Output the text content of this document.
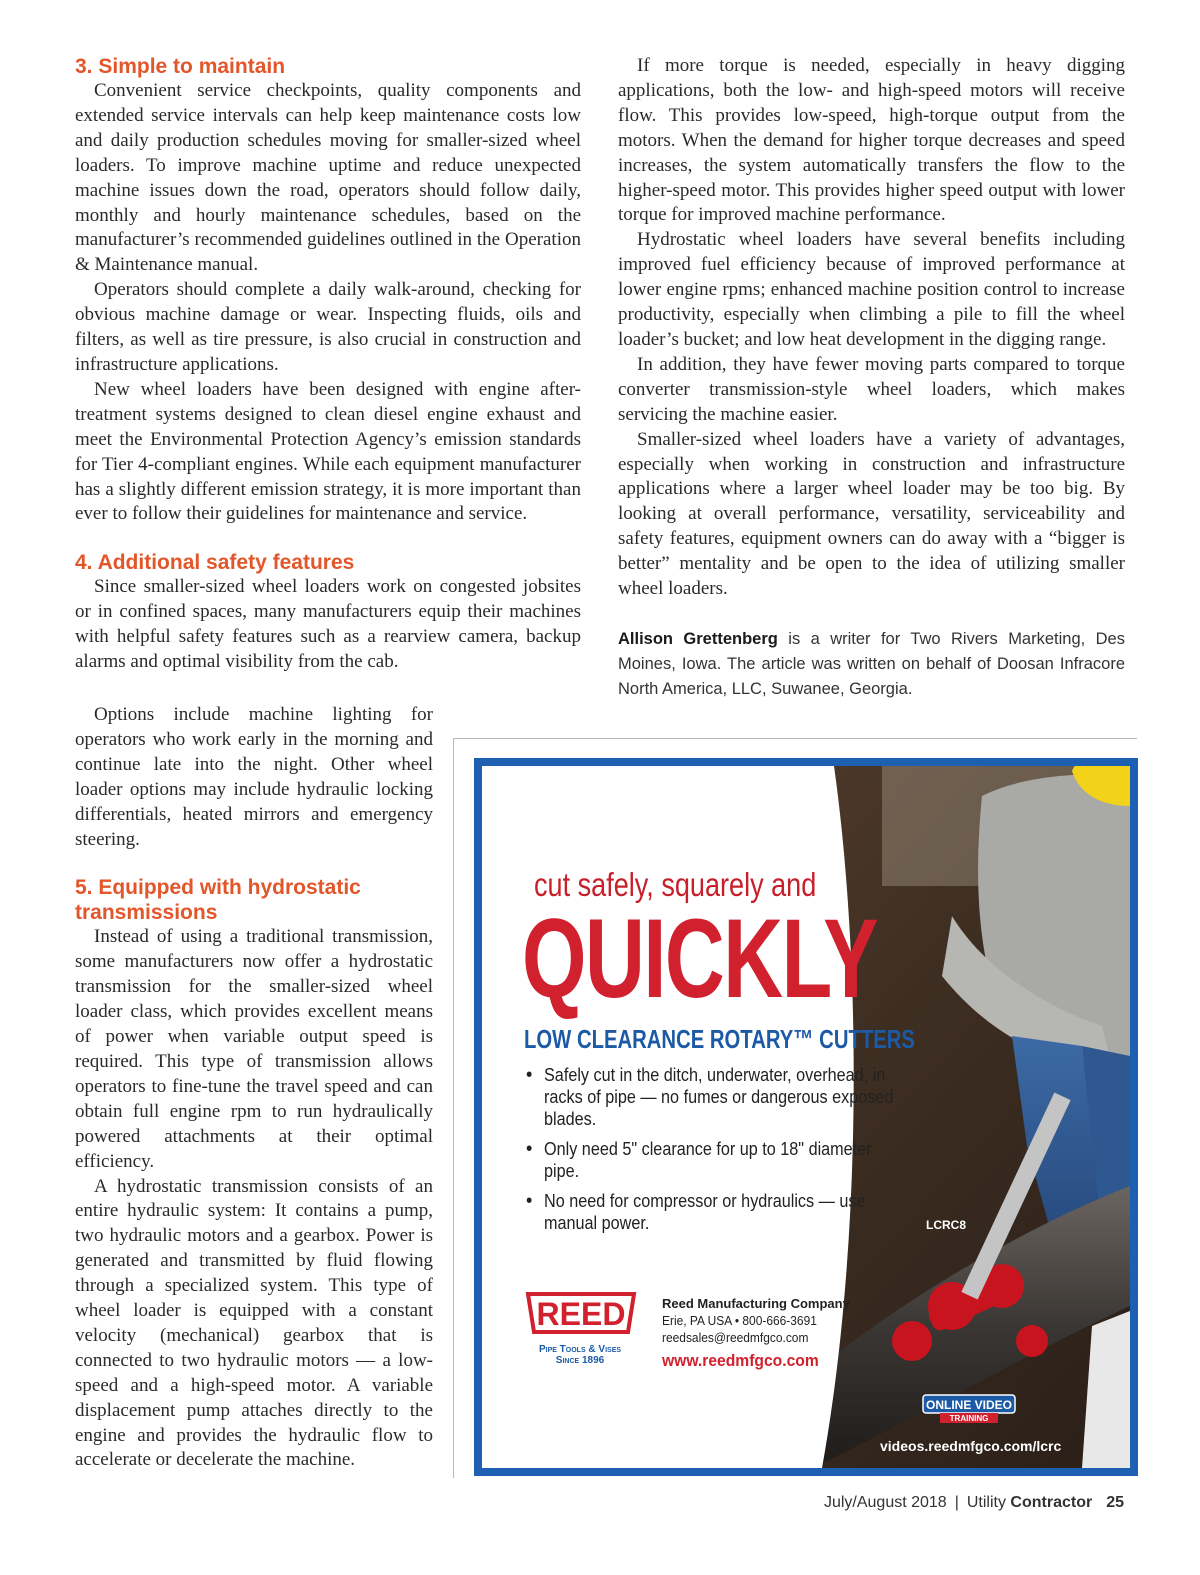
3. Simple to maintain

Convenient service checkpoints, quality components and extended service intervals can help keep maintenance costs low and daily production schedules moving for smaller-sized wheel loaders. To improve machine uptime and reduce unexpected machine issues down the road, operators should follow daily, monthly and hourly maintenance schedules, based on the manufacturer’s recommended guidelines outlined in the Operation & Maintenance manual.

Operators should complete a daily walk-around, checking for obvious machine damage or wear. Inspecting fluids, oils and filters, as well as tire pressure, is also crucial in construction and infrastructure applications.

New wheel loaders have been designed with engine after-treatment systems designed to clean diesel engine exhaust and meet the Environmental Protection Agency’s emission standards for Tier 4-compliant engines. While each equipment manufacturer has a slightly different emission strategy, it is more important than ever to follow their guidelines for maintenance and service.

4. Additional safety features

Since smaller-sized wheel loaders work on congested jobsites or in confined spaces, many manufacturers equip their machines with helpful safety features such as a rearview camera, backup alarms and optimal visibility from the cab.

Options include machine lighting for operators who work early in the morning and continue late into the night. Other wheel loader options may include hydraulic locking differentials, heated mirrors and emergency steering.

5. Equipped with hydrostatic transmissions

Instead of using a traditional transmission, some manufacturers now offer a hydrostatic transmission for the smaller-sized wheel loader class, which provides excellent means of power when variable output speed is required. This type of transmission allows operators to fine-tune the travel speed and can obtain full engine rpm to run hydraulically powered attachments at their optimal efficiency.

A hydrostatic transmission consists of an entire hydraulic system: It contains a pump, two hydraulic motors and a gearbox. Power is generated and transmitted by fluid flowing through a specialized system. This type of wheel loader is equipped with a constant velocity (mechanical) gearbox that is connected to two hydraulic motors — a low-speed and a high-speed motor. A variable displacement pump attaches directly to the engine and provides the hydraulic flow to accelerate or decelerate the machine.

If more torque is needed, especially in heavy digging applications, both the low- and high-speed motors will receive flow. This provides low-speed, high-torque output from the motors. When the demand for higher torque decreases and speed increases, the system automatically transfers the flow to the higher-speed motor. This provides higher speed output with lower torque for improved machine performance.

Hydrostatic wheel loaders have several benefits including improved fuel efficiency because of improved performance at lower engine rpms; enhanced machine position control to increase productivity, especially when climbing a pile to fill the wheel loader’s bucket; and low heat development in the digging range.

In addition, they have fewer moving parts compared to torque converter transmission-style wheel loaders, which makes servicing the machine easier.

Smaller-sized wheel loaders have a variety of advantages, especially when working in construction and infrastructure applications where a larger wheel loader may be too big. By looking at overall performance, versatility, serviceability and safety features, equipment owners can do away with a “bigger is better” mentality and be open to the idea of utilizing smaller wheel loaders.

Allison Grettenberg is a writer for Two Rivers Marketing, Des Moines, Iowa. The article was written on behalf of Doosan Infracore North America, LLC, Suwanee, Georgia.

cut safely, squarely and
QUICKLY
LOW CLEARANCE ROTARY™ CUTTERS
• Safely cut in the ditch, underwater, overhead, in racks of pipe — no fumes or dangerous exposed blades.
• Only need 5" clearance for up to 18" diameter pipe.
• No need for compressor or hydraulics — use manual power.
REED
Pipe Tools & Vises
Since 1896
Reed Manufacturing Company
Erie, PA USA • 800-666-3691
reedsales@reedmfgco.com
www.reedmfgco.com
LCRC8
ONLINE VIDEO
TRAINING
videos.reedmfgco.com/lcrc
July/August 2018 | Utility Contractor 25
